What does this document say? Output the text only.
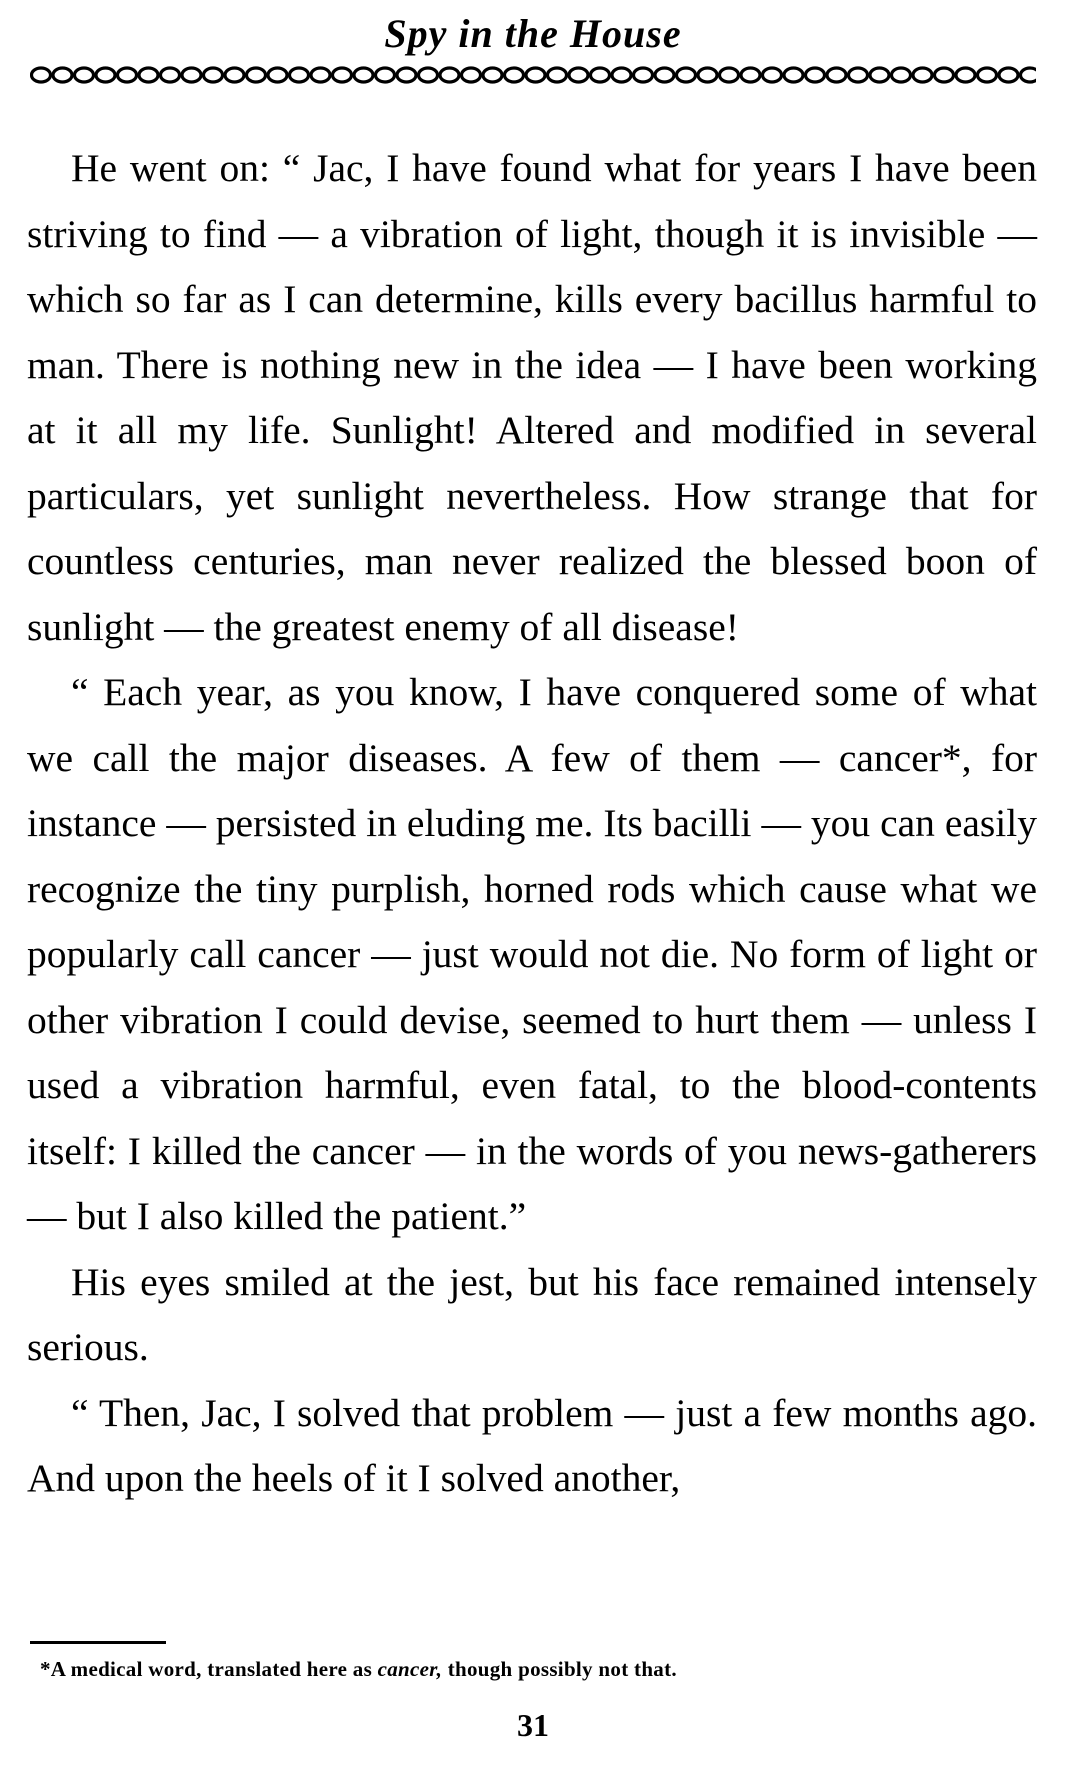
Spy in the House

He went on: “ Jac, I have found what for years I have been striving to find — a vibration of light, though it is invisible — which so far as I can determine, kills every bacillus harmful to man. There is nothing new in the idea — I have been working at it all my life. Sunlight! Altered and modified in several particulars, yet sunlight nevertheless. How strange that for countless centuries, man never realized the blessed boon of sunlight — the greatest enemy of all disease!

“ Each year, as you know, I have conquered some of what we call the major diseases. A few of them — cancer*, for instance — persisted in eluding me. Its bacilli — you can easily recognize the tiny purplish, horned rods which cause what we popularly call cancer — just would not die. No form of light or other vibration I could devise, seemed to hurt them — unless I used a vibration harmful, even fatal, to the blood-contents itself: I killed the cancer — in the words of you news-gatherers — but I also killed the patient.”

His eyes smiled at the jest, but his face remained intensely serious.

“ Then, Jac, I solved that problem — just a few months ago. And upon the heels of it I solved another,

*A medical word, translated here as cancer, though possibly not that.
31
